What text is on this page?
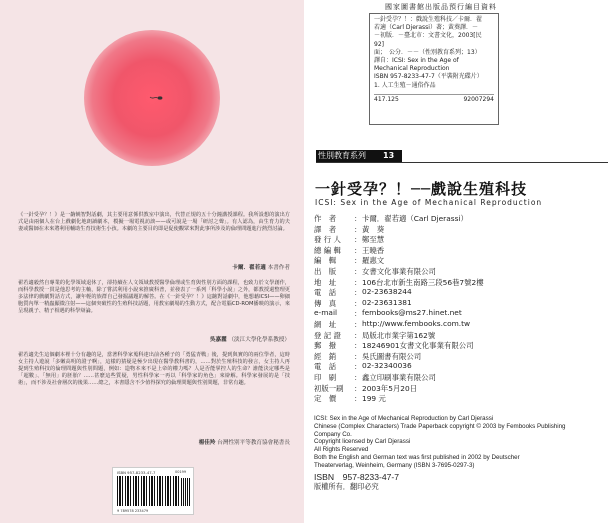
《一針受孕？！》是一齣饒智對話劇，其主要用意係供教室中演出，代替正規的五十分鐘講授課程。我所設想的演出方式是由兩個人在台上戲劇化地朗讀劇本，模擬一場電視訪談——或可說是一場「研討之聲」。有人認為，由生育力的夫妻或醫師在未來將利用輔助生育技術生小孩。本劇的主要目的即是促使觀眾來對此事所涉及的倫理問題進行熱烈討論。
卡爾．翟若適 本書作者
翟若適毅然自專業的化學領域退休了，卻持續在人文領域教授醫學倫理或生育與性別方面的課程，也致力於文學創作，而科學教授一貫是他思考的主軸，除了嘗試利用小說來推廣科普，並發表了一系列「科學小說」之外，都教授還整理更多法律的戲劇對話方式，讓年輕的族群自己發掘議題的解答。在《一針受孕？！》這齣對話劇中，他想藉ICSI——卵細胞質內單一精蟲顯微注射——這個突破性的生殖科技話題，用教室劇場的生動方式，配合電腦CD-ROM播映的演示，來呈現親子、精子相遇的科學辯論。
吳嘉麗 （淡江大學化學系教授）
翟若適先生這個劇本裡十分有趣的是，當著科學家蒐科達出前各種子的「勇猛青戰」後，提到與實的的兩位學者，這時女主持人遊說「多嫩高明的證子啊」，這樣的猜疑是極少出現在醫學教科書的，……對於生殖科技的發言，女主持人再提到生殖科技的倫理問題與性別問題，例如：造物本來不是上帝的權力嗎？人是否能掌控人的生命？誰能決定哪些是「超數」、「無用」的胚胎？……甚麼這些質疑，男性科學家一再以「科學家的角色」來辯解。科學家發展的是「技術」，而不涉及社會層次的後果……總之，本書隱含不少值得探究的倫理問題與性別問題，非常有趣。
楊佳羚 台灣性別平等教育協會秘書長
ISBN 957-8233-47-7	00199
9 789578 233479
國家圖書館出版品預行編目資料
一針受孕？！：戲說生殖科技／卡爾．翟
若適（Carl Djerassi）著；黃葵譯．－
－初版．－臺北市：文書文化，2003[民
92]
面；　公分．－－（性別教育系列；13）
譯自：ICSI: Sex in the Age of
Mechanical Reproduction
ISBN 957-8233-47-7（平裝附光碟片）
1. 人工生殖－通俗作品
417.125	92007294
性別教育系列 13
一針受孕？！──戲說生殖科技
ICSI: Sex in the Age of Mechanical Reproduction
作　者 ： 卡爾．翟若適（Carl Djerassi）
譯　者 ： 黃　葵
發 行 人 ： 鄭至慧
總 編 輯 ： 王曉香
編　輯 ： 羅惠文
出　版 ： 女書文化事業有限公司
地　址 ： 106台北市新生南路三段56巷7號2樓
電　話 ： 02-23638244
傳　真 ： 02-23631381
e-mail ： fembooks@ms27.hinet.net
網　址 ： http://www.fembooks.com.tw
登 記 證 ： 局版北市業字第162號
郵　撥 ： 18246901女書文化事業有限公司
經　銷 ： 吳氏圖書有限公司
電　話 ： 02-32340036
印　刷 ： 鑫立印刷事業有限公司
初版一刷 ： 2003年5月20日
定　價 ： 199 元
ICSI: Sex in the Age of Mechanical Reproduction by Carl Djerassi
Chinese (Complex Characters) Trade Paperback copyright © 2003 by Fembooks Publishing
Company Co.
Copyright licensed by Carl Djerassi
All Rights Reserved
Both the English and German text was first published in 2002 by Deutscher
Theaterverlag, Weinheim, Germany (ISBN 3-7695-0297-3)
ISBN　957-8233-47-7
版權所有．翻印必究
